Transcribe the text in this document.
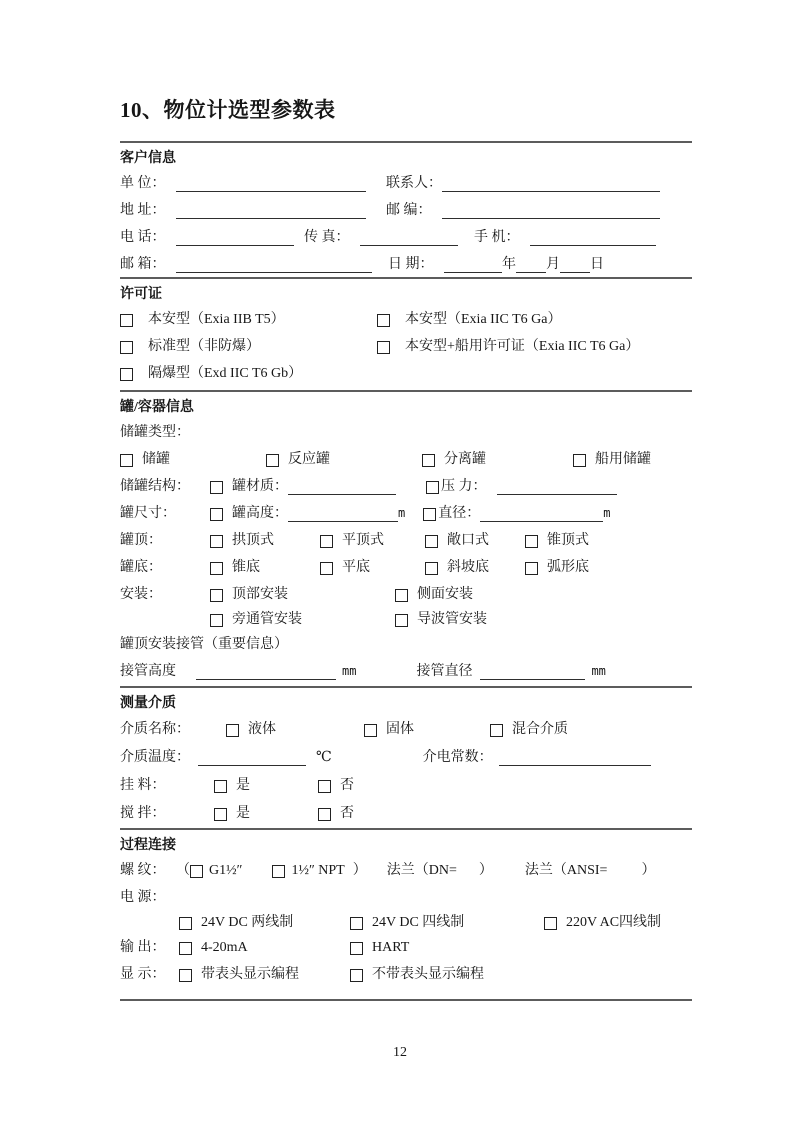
10、物位计选型参数表
客户信息
单 位：	联系人：
地 址：	邮 编：
电 话：	传 真：	手 机：
邮 箱：	日 期：	年 月 日
许可证
本安型（Exia IIB T5）	本安型（Exia IIC T6 Ga）
标准型（非防爆）	本安型+船用许可证（Exia IIC T6 Ga）
隔爆型（Exd IIC T6 Gb）
罐/容器信息
储罐类型：
储罐	反应罐	分离罐	船用储罐
储罐结构：	罐材质：	压 力：
罐尺寸：	罐高度：	m 直径：	m
罐顶：	拱顶式	平顶式	敞口式	锥顶式
罐底：	锥底	平底	斜坡底	弧形底
安装：	顶部安装	侧面安装
旁通管安装	导波管安装
罐顶安装接管（重要信息）
接管高度	mm	接管直径	mm
测量介质
介质名称：	液体	固体	混合介质
介质温度：	℃	介电常数：
挂 料：	是	否
搅 拌：	是	否
过程连接
螺 纹： （ G1½″	1½″ NPT ） 法兰（DN= ） 法兰（ANSI= ）
电 源：
24V DC 两线制	24V DC 四线制	220V AC四线制
输 出：	4-20mA	HART
显 示：	带表头显示编程	不带表头显示编程
12
